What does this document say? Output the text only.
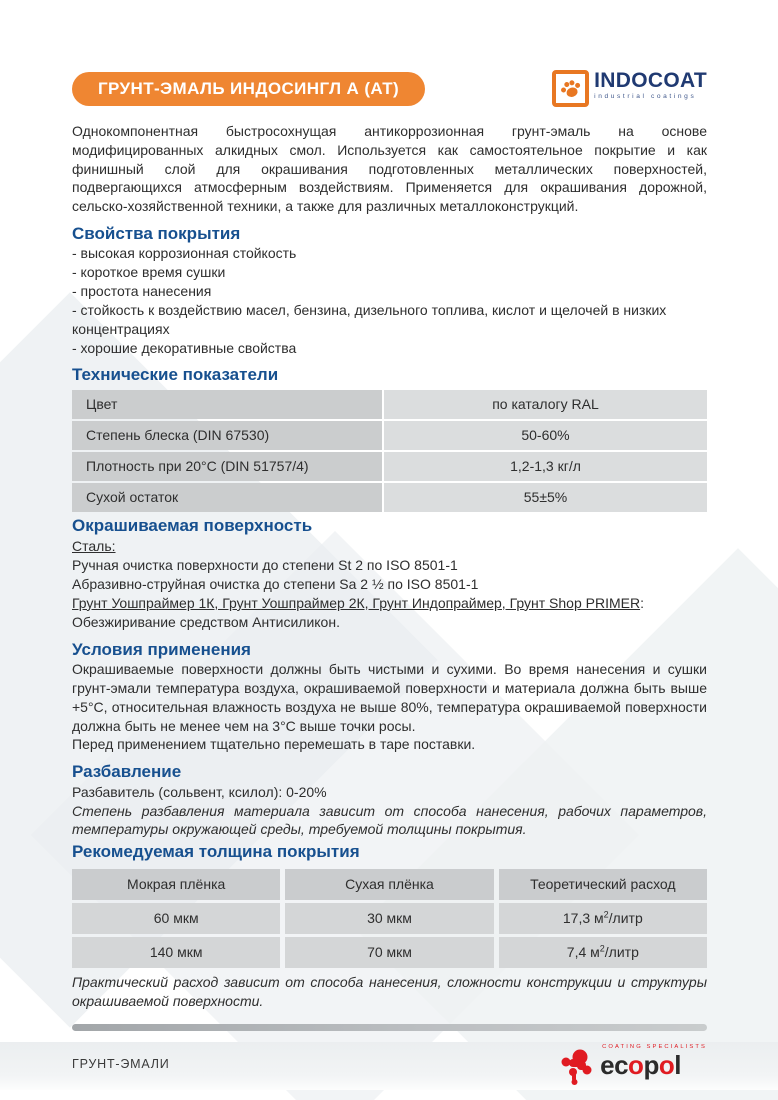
ГРУНТ-ЭМАЛЬ ИНДОСИНГЛ А (АТ)	INDOCOAT
industrial coatings
Однокомпонентная быстросохнущая антикоррозионная грунт-эмаль на основе модифицированных алкидных смол. Используется как самостоятельное покрытие и как финишный слой для окрашивания подготовленных металлических поверхностей, подвергающихся атмосферным воздействиям. Применяется для окрашивания дорожной, сельско-хозяйственной техники, а также для различных металлоконструкций.
Свойства покрытия
- высокая коррозионная стойкость
- короткое время сушки
- простота нанесения
- стойкость к воздействию масел, бензина, дизельного топлива, кислот и щелочей в низких концентрациях
- хорошие декоративные свойства
Технические показатели
Цвет	по каталогу RAL
Степень блеска (DIN 67530)	50-60%
Плотность при 20°С (DIN 51757/4)	1,2-1,3 кг/л
Сухой остаток	55±5%
Окрашиваемая поверхность
Сталь:
Ручная очистка поверхности до степени St 2 по ISO 8501-1
Абразивно-струйная очистка до степени Sa 2 ½ по ISO 8501-1
Грунт Уошпраймер 1К, Грунт Уошпраймер 2К, Грунт Индопраймер, Грунт Shop PRIMER:
Обезжиривание средством Антисиликон.
Условия применения
Окрашиваемые поверхности должны быть чистыми и сухими. Во время нанесения и сушки грунт-эмали температура воздуха, окрашиваемой поверхности и материала должна быть выше +5°С, относительная влажность воздуха не выше 80%, температура окрашиваемой поверхности должна быть не менее чем на 3°С выше точки росы.
Перед применением тщательно перемешать в таре поставки.
Разбавление
Разбавитель (сольвент, ксилол): 0-20%
Степень разбавления материала зависит от способа нанесения, рабочих параметров, температуры окружающей среды, требуемой толщины покрытия.
Рекомедуемая толщина покрытия
Мокрая плёнка	Сухая плёнка	Теоретический расход
60 мкм	30 мкм	17,3 $м^2$/литр
140 мкм	70 мкм	7,4 $м^2$/литр
Практический расход зависит от способа нанесения, сложности конструкции и структуры окрашиваемой поверхности.
ГРУНТ-ЭМАЛИ
COATING SPECIALISTS
ecopol
